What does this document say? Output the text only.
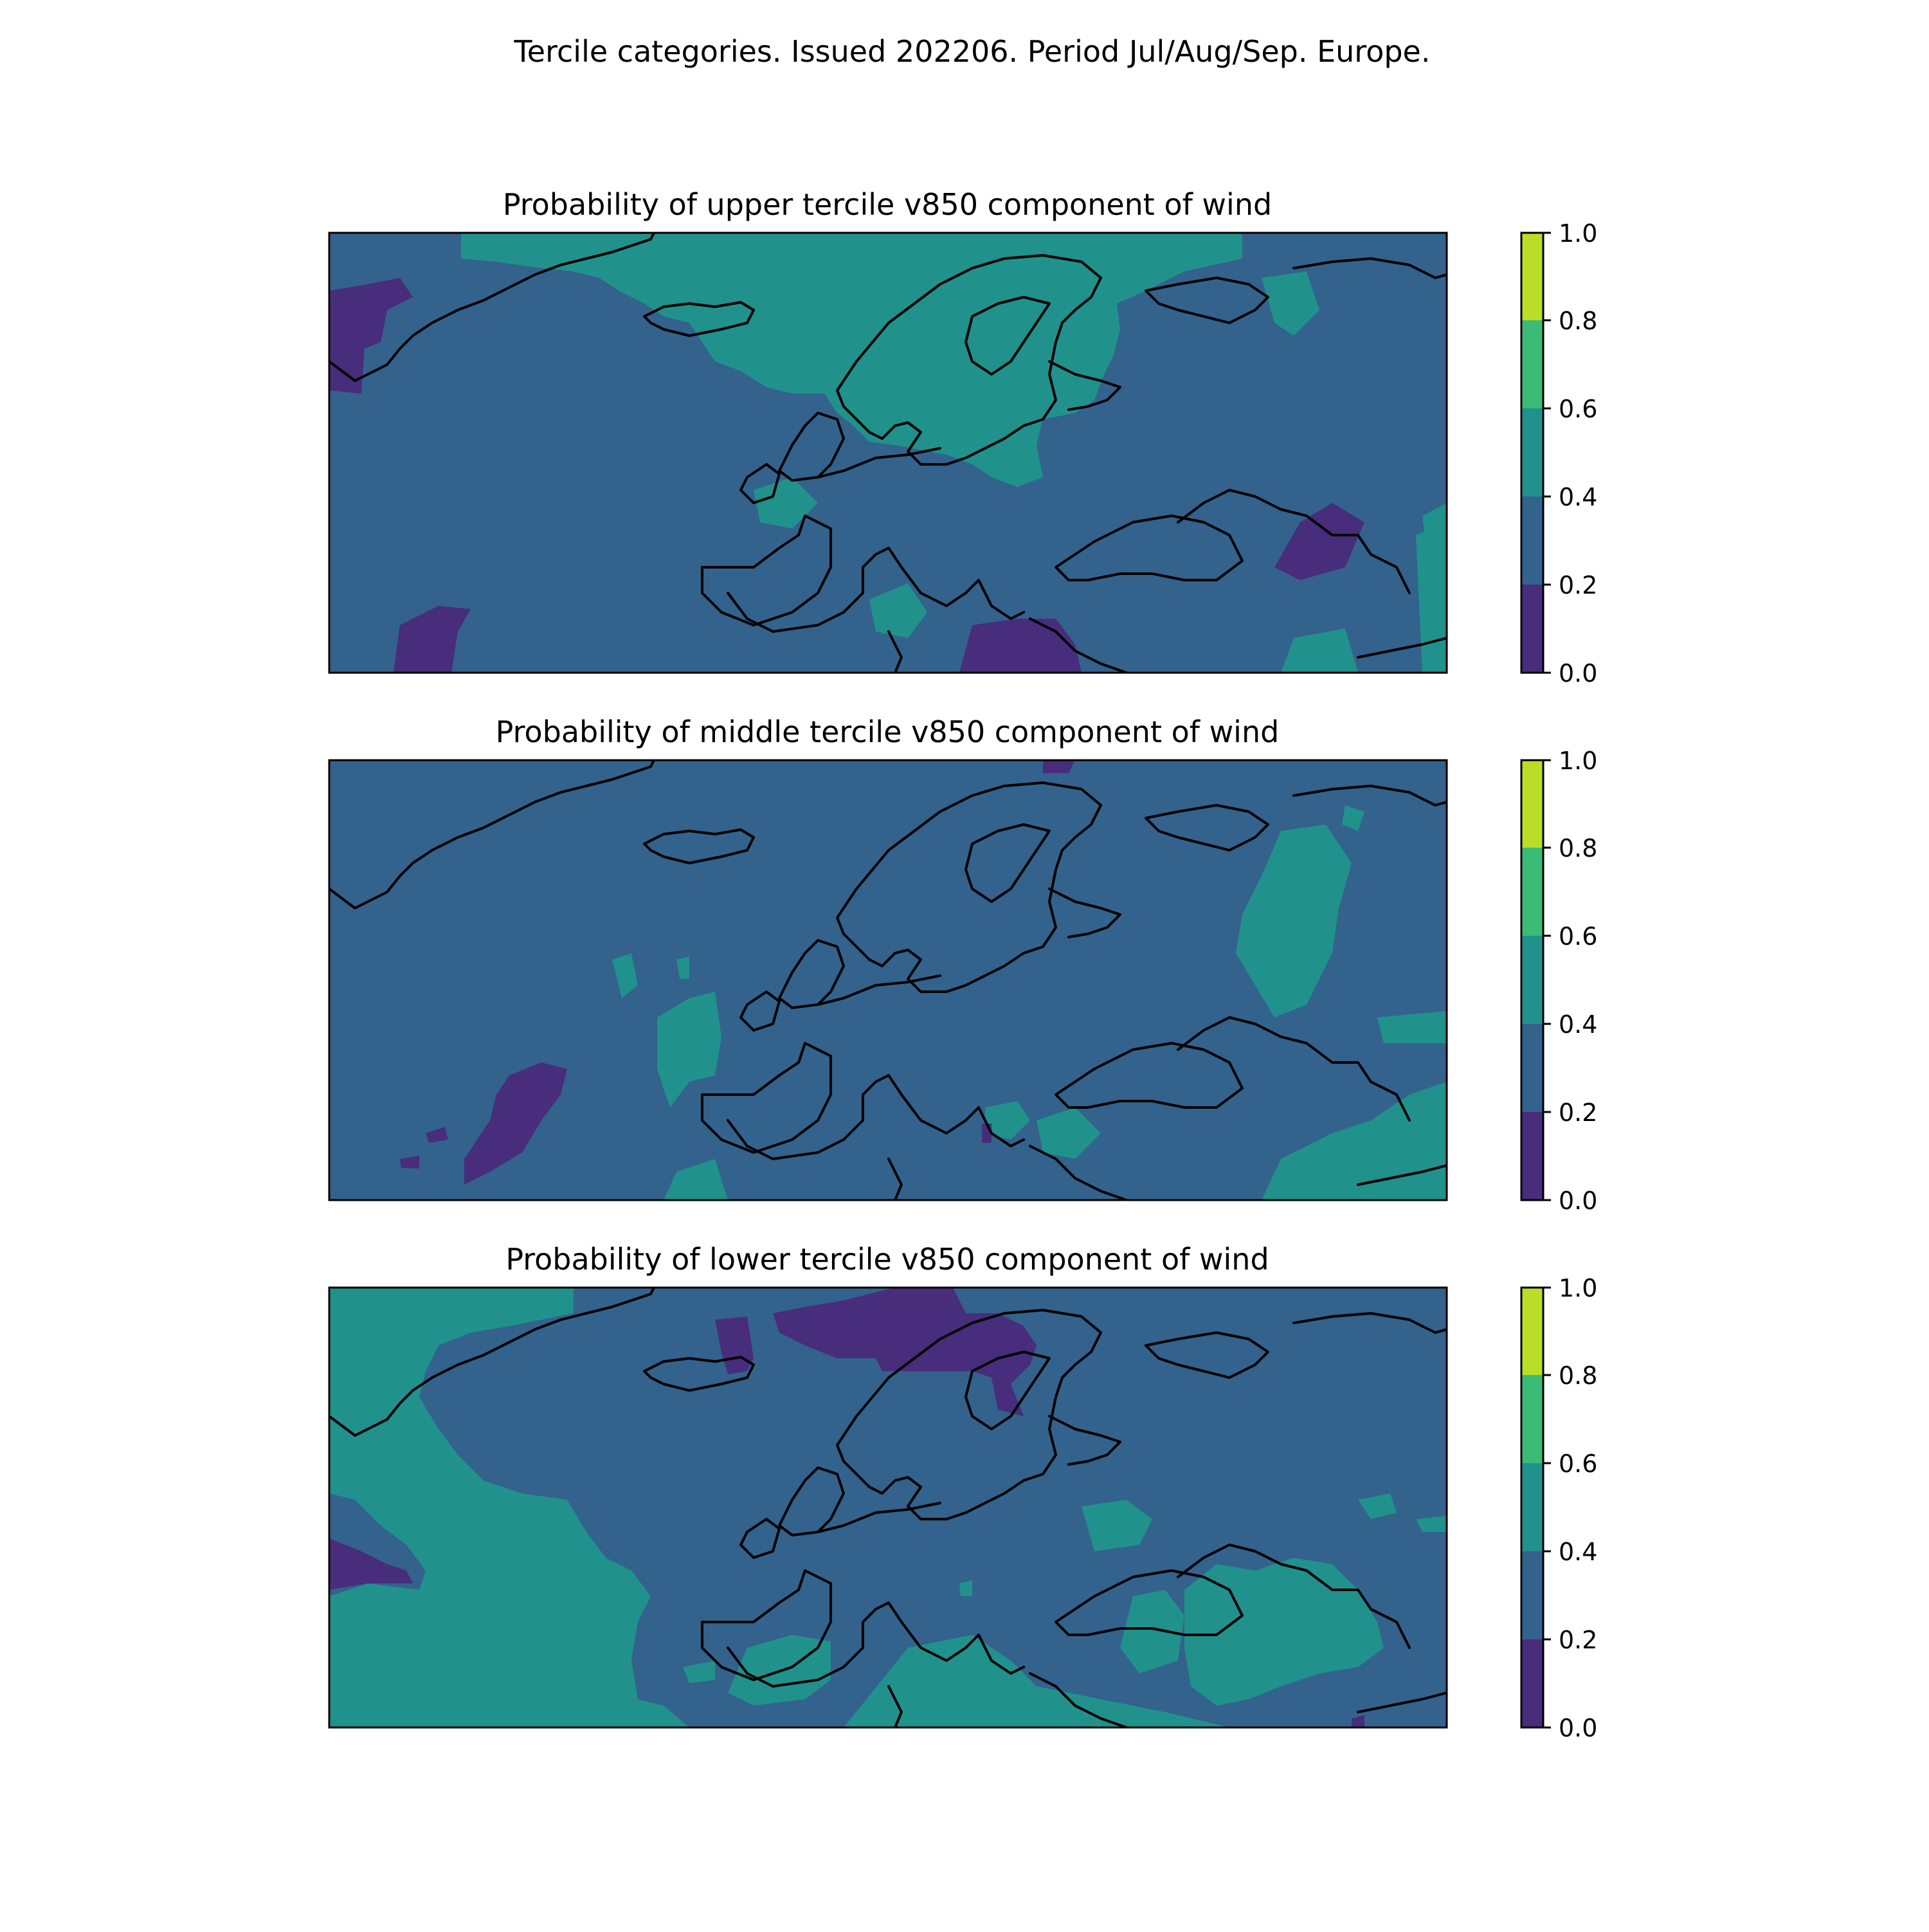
Tercile categories. Issued 202206. Period Jul/Aug/Sep. Europe.
Probability of upper tercile v850 component of wind
0.0
0.2
0.4
0.6
0.8
1.0
Probability of middle tercile v850 component of wind
0.0
0.2
0.4
0.6
0.8
1.0
Probability of lower tercile v850 component of wind
0.0
0.2
0.4
0.6
0.8
1.0
